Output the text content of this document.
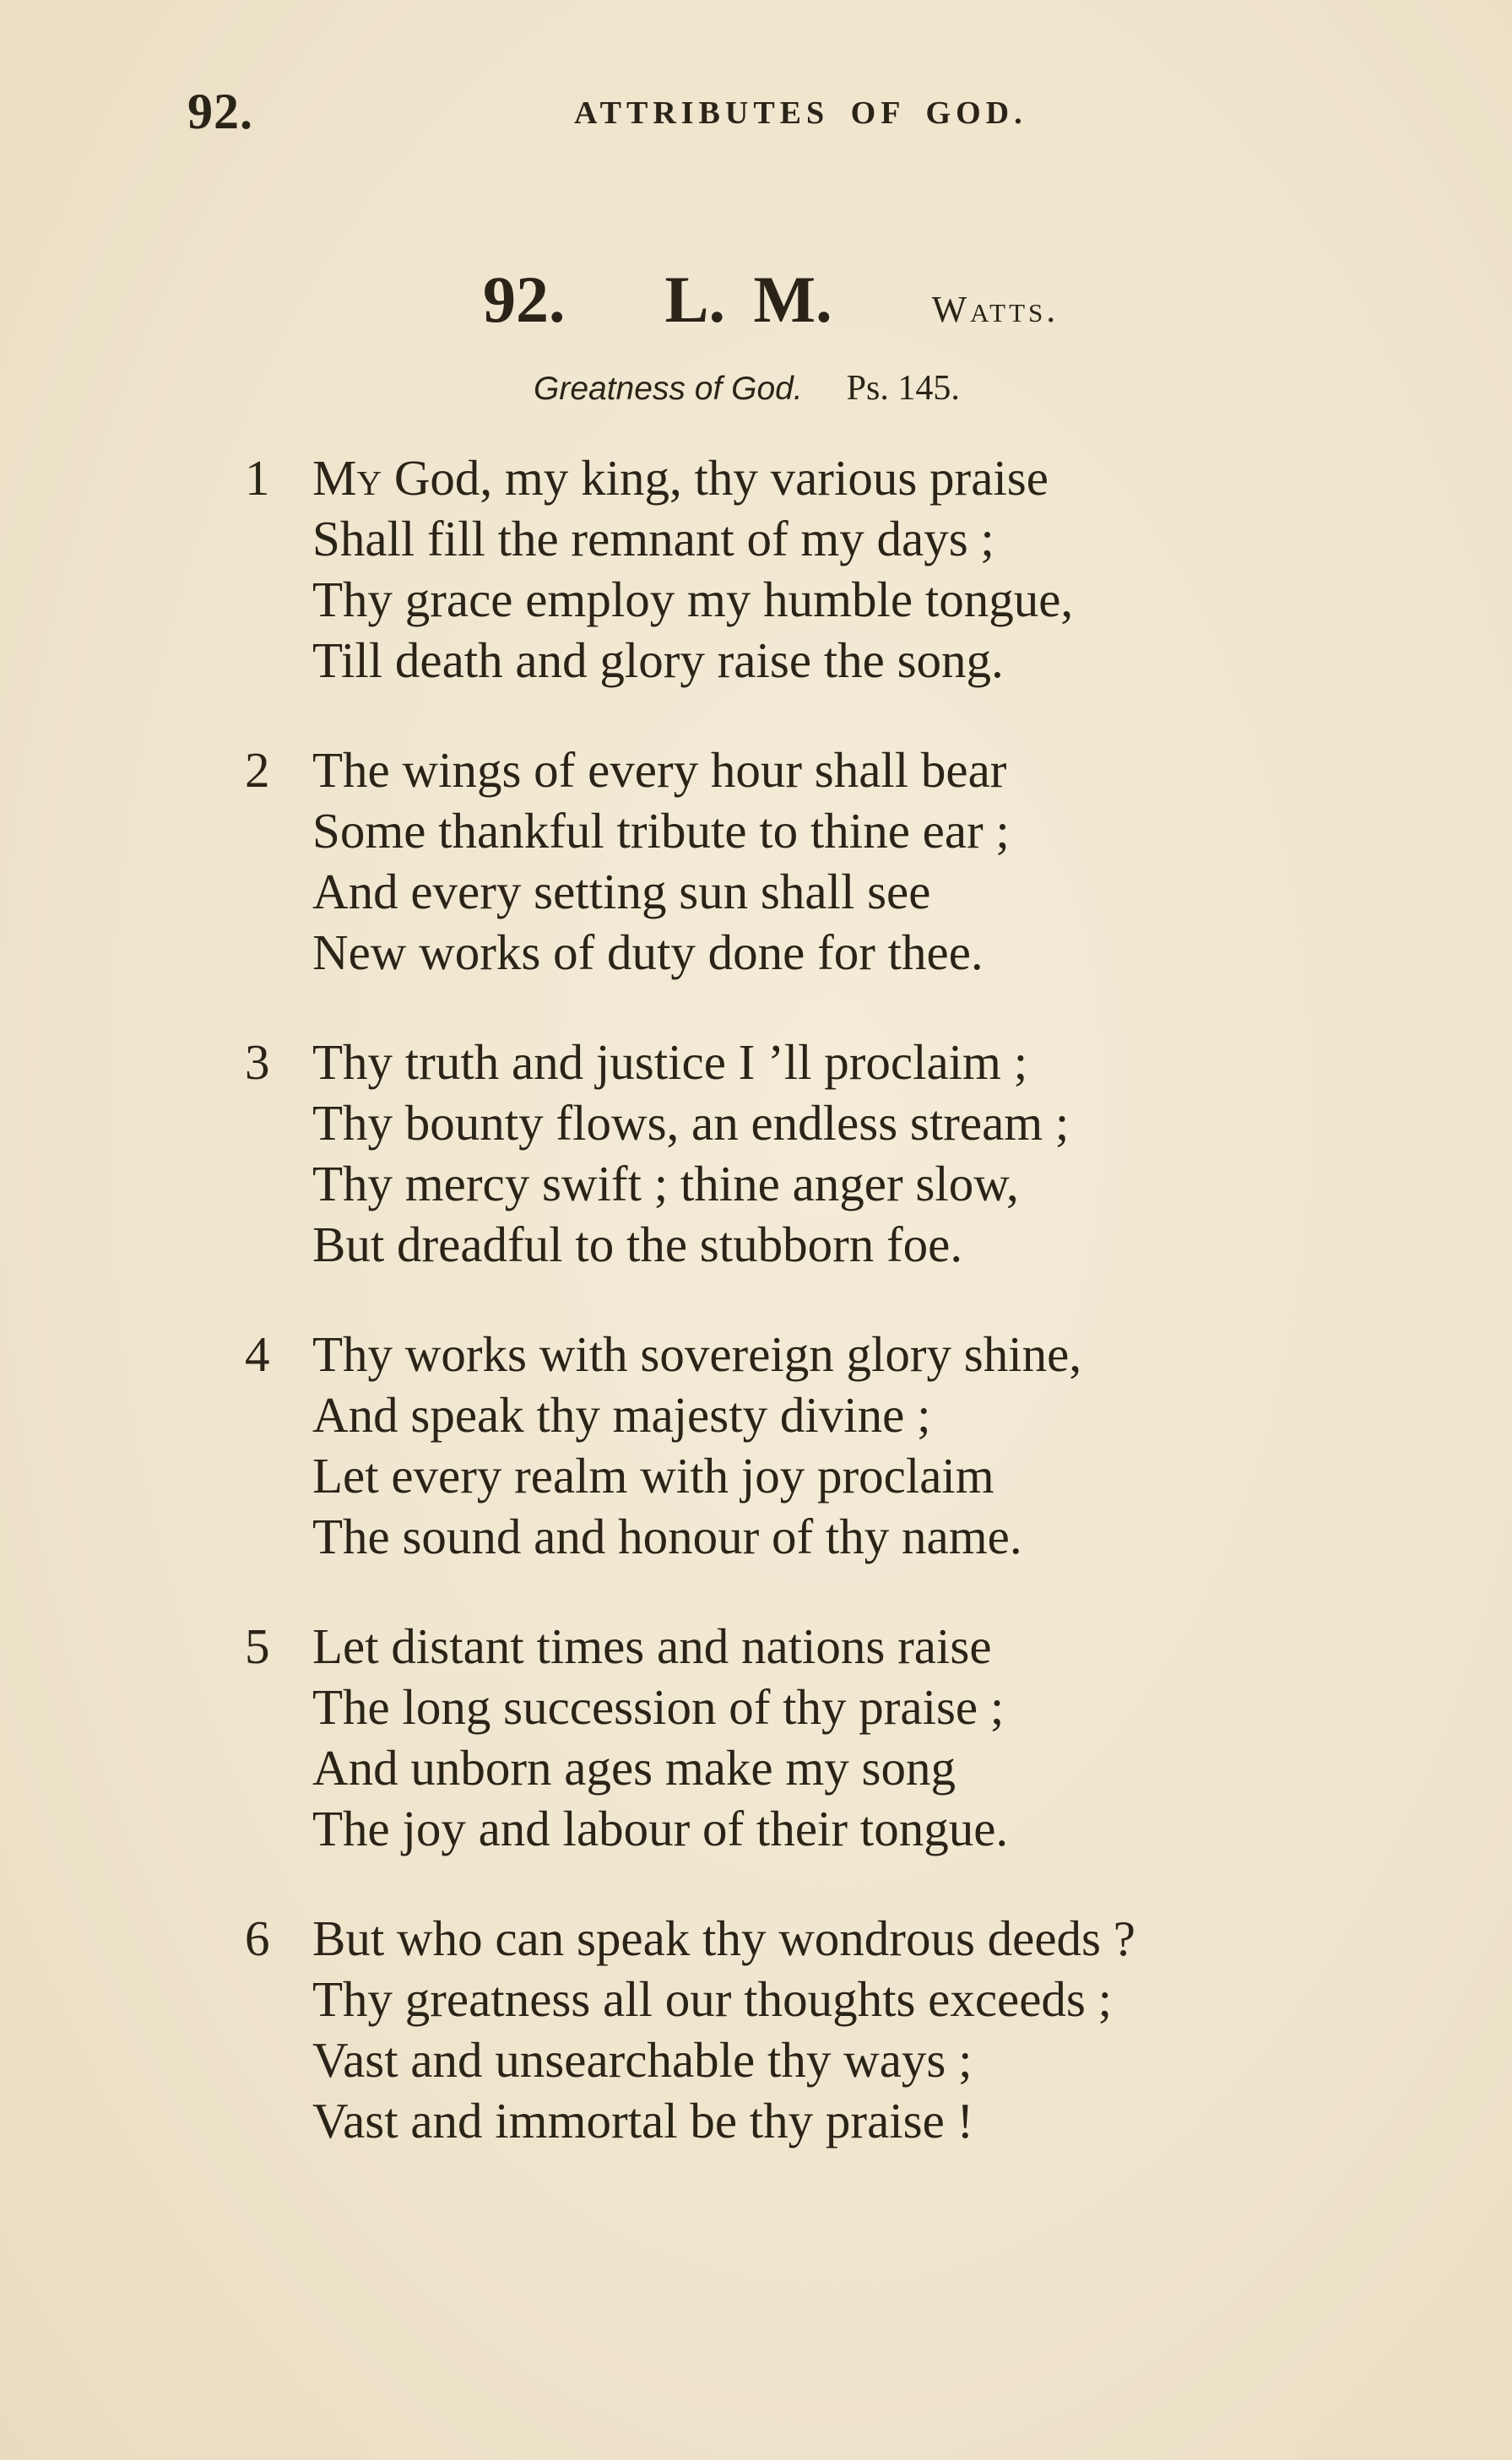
92.	ATTRIBUTES OF GOD.
92. L. M.	Watts.
Greatness of God. Ps. 145.
1 My God, my king, thy various praise
Shall fill the remnant of my days ;
Thy grace employ my humble tongue,
Till death and glory raise the song.
2 The wings of every hour shall bear
Some thankful tribute to thine ear ;
And every setting sun shall see
New works of duty done for thee.
3 Thy truth and justice I ’ll proclaim ;
Thy bounty flows, an endless stream ;
Thy mercy swift ; thine anger slow,
But dreadful to the stubborn foe.
4 Thy works with sovereign glory shine,
And speak thy majesty divine ;
Let every realm with joy proclaim
The sound and honour of thy name.
5 Let distant times and nations raise
The long succession of thy praise ;
And unborn ages make my song
The joy and labour of their tongue.
6 But who can speak thy wondrous deeds ?
Thy greatness all our thoughts exceeds ;
Vast and unsearchable thy ways ;
Vast and immortal be thy praise !
